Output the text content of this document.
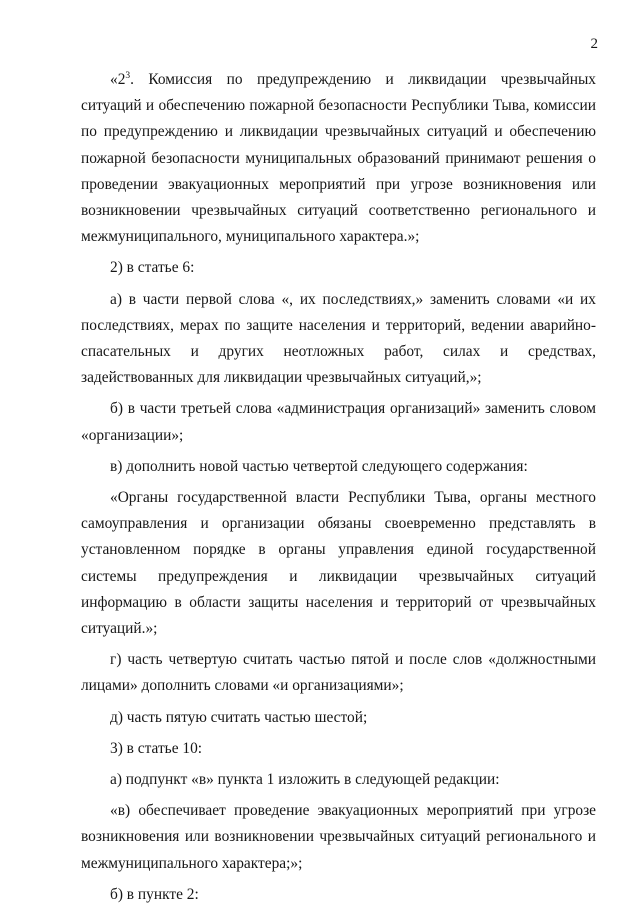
2

«$2^3$. Комиссия по предупреждению и ликвидации чрезвычайных ситуаций и обеспечению пожарной безопасности Республики Тыва, комиссии по предупреждению и ликвидации чрезвычайных ситуаций и обеспечению пожарной безопасности муниципальных образований принимают решения о проведении эвакуационных мероприятий при угрозе возникновения или возникновении чрезвычайных ситуаций соответственно регионального и межмуниципального, муниципального характера.»;

2) в статье 6:

а) в части первой слова «, их последствиях,» заменить словами «и их последствиях, мерах по защите населения и территорий, ведении аварийно-спасательных и других неотложных работ, силах и средствах, задействованных для ликвидации чрезвычайных ситуаций,»;

б) в части третьей слова «администрация организаций» заменить словом «организации»;

в) дополнить новой частью четвертой следующего содержания:

«Органы государственной власти Республики Тыва, органы местного самоуправления и организации обязаны своевременно представлять в установленном порядке в органы управления единой государственной системы предупреждения и ликвидации чрезвычайных ситуаций информацию в области защиты населения и территорий от чрезвычайных ситуаций.»;

г) часть четвертую считать частью пятой и после слов «должностными лицами» дополнить словами «и организациями»;

д) часть пятую считать частью шестой;

3) в статье 10:

а) подпункт «в» пункта 1 изложить в следующей редакции:

«в) обеспечивает проведение эвакуационных мероприятий при угрозе возникновения или возникновении чрезвычайных ситуаций регионального и межмуниципального характера;»;

б) в пункте 2:
